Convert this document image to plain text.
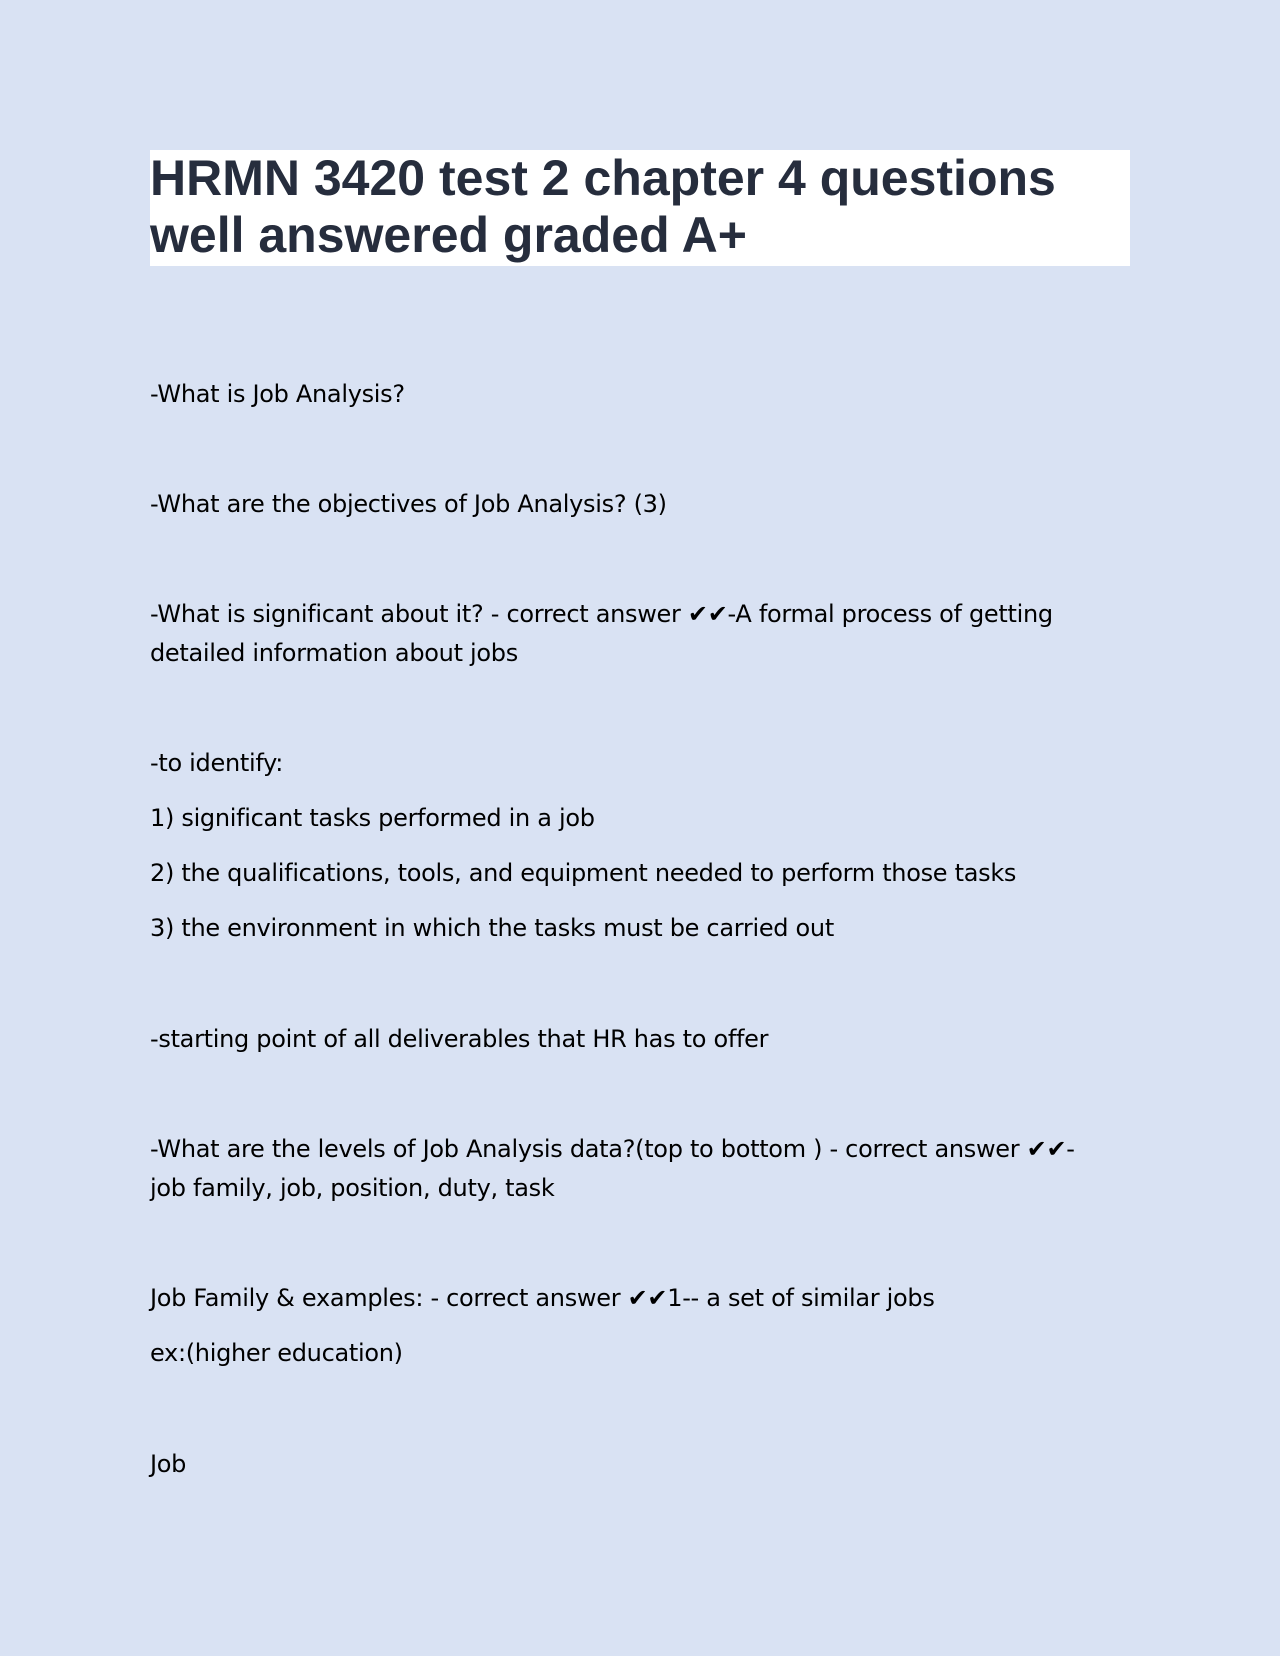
HRMN 3420 test 2 chapter 4 questions
well answered graded A+

-What is Job Analysis?

-What are the objectives of Job Analysis? (3)

-What is significant about it? - correct answer ✔✔-A formal process of getting

detailed information about jobs

-to identify:

1) significant tasks performed in a job

2) the qualifications, tools, and equipment needed to perform those tasks

3) the environment in which the tasks must be carried out

-starting point of all deliverables that HR has to offer

-What are the levels of Job Analysis data?(top to bottom ) - correct answer ✔✔-

job family, job, position, duty, task

Job Family & examples: - correct answer ✔✔1-- a set of similar jobs

ex:(higher education)

Job
